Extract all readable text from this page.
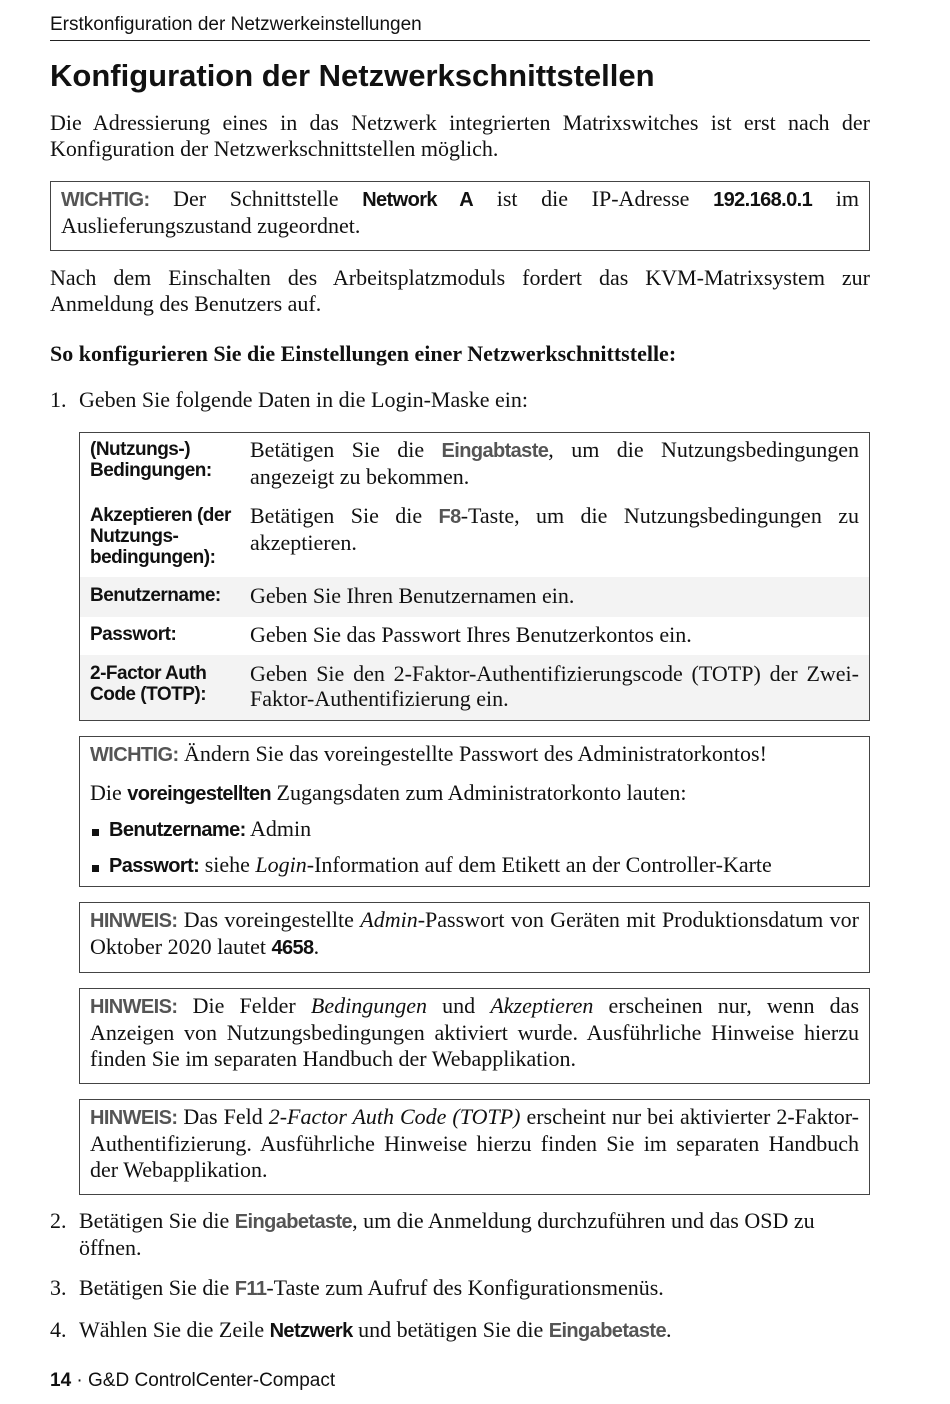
Erstkonfiguration der Netzwerkeinstellungen
Konfiguration der Netzwerkschnittstellen
Die Adressierung eines in das Netzwerk integrierten Matrixswitches ist erst nach der Konfiguration der Netzwerkschnittstellen möglich.
WICHTIG: Der Schnittstelle Network A ist die IP-Adresse 192.168.0.1 im Auslieferungszustand zugeordnet.
Nach dem Einschalten des Arbeitsplatzmoduls fordert das KVM-Matrixsystem zur Anmeldung des Benutzers auf.
So konfigurieren Sie die Einstellungen einer Netzwerkschnittstelle:
1. Geben Sie folgende Daten in die Login-Maske ein:
(Nutzungs-) Bedingungen:
Betätigen Sie die Eingabtaste, um die Nutzungsbedingungen angezeigt zu bekommen.
Akzeptieren (der Nutzungs-bedingungen):
Betätigen Sie die F8-Taste, um die Nutzungsbedingungen zu akzeptieren.
Benutzername:	Geben Sie Ihren Benutzernamen ein.
Passwort:	Geben Sie das Passwort Ihres Benutzerkontos ein.
2-Factor Auth Code (TOTP):
Geben Sie den 2-Faktor-Authentifizierungscode (TOTP) der Zwei-Faktor-Authentifizierung ein.
WICHTIG: Ändern Sie das voreingestellte Passwort des Administratorkontos!
Die voreingestellten Zugangsdaten zum Administratorkonto lauten:
Benutzername: Admin
Passwort: siehe Login-Information auf dem Etikett an der Controller-Karte
HINWEIS: Das voreingestellte Admin-Passwort von Geräten mit Produktionsdatum vor Oktober 2020 lautet 4658.
HINWEIS: Die Felder Bedingungen und Akzeptieren erscheinen nur, wenn das Anzeigen von Nutzungsbedingungen aktiviert wurde. Ausführliche Hinweise hierzu finden Sie im separaten Handbuch der Webapplikation.
HINWEIS: Das Feld 2-Factor Auth Code (TOTP) erscheint nur bei aktivierter 2-Faktor-Authentifizierung. Ausführliche Hinweise hierzu finden Sie im separaten Handbuch der Webapplikation.
2. Betätigen Sie die Eingabetaste, um die Anmeldung durchzuführen und das OSD zu öffnen.
3. Betätigen Sie die F11-Taste zum Aufruf des Konfigurationsmenüs.
4. Wählen Sie die Zeile Netzwerk und betätigen Sie die Eingabetaste.
14 · G&D ControlCenter-Compact
